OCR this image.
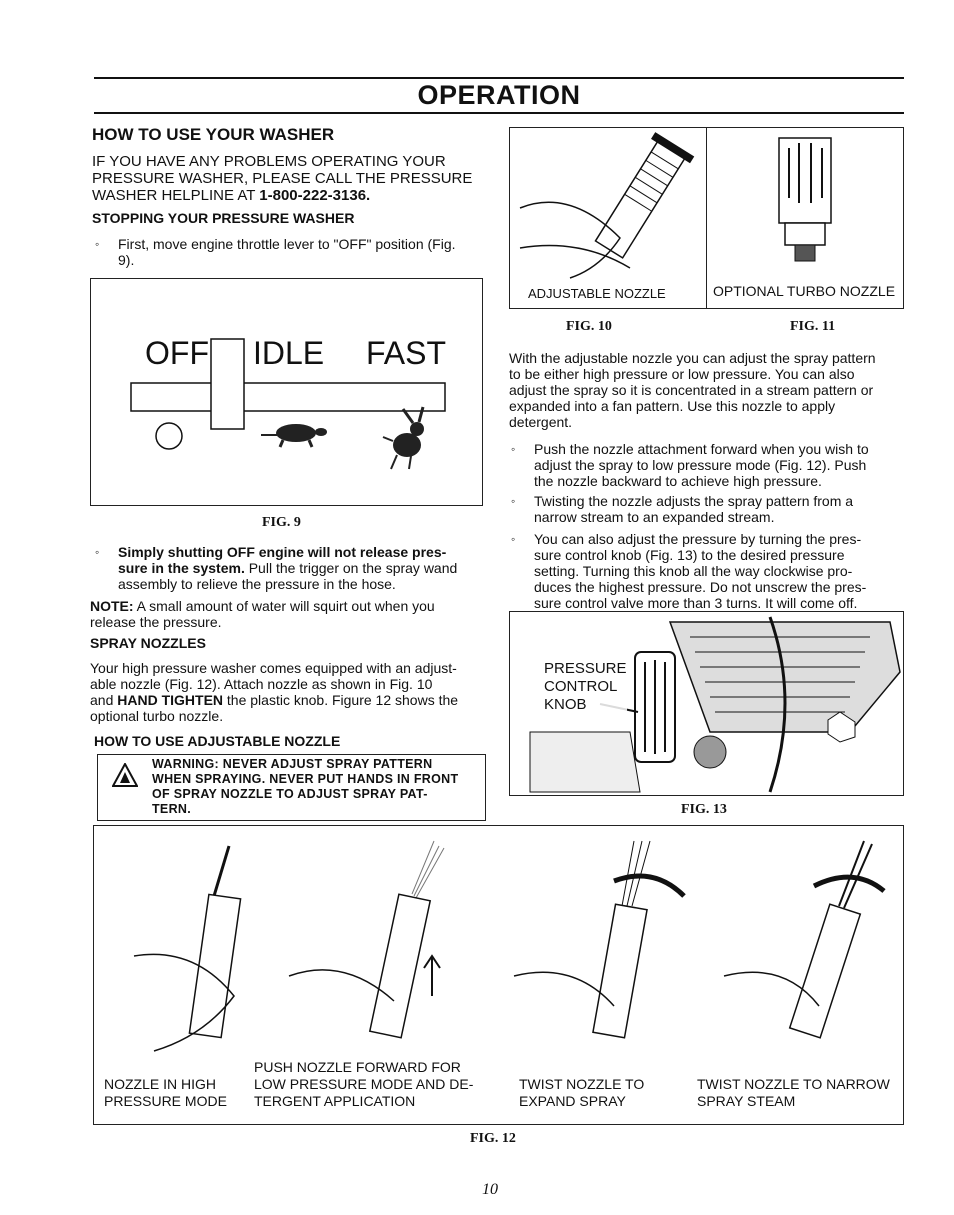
OPERATION
HOW TO USE YOUR WASHER
IF YOU HAVE ANY PROBLEMS OPERATING YOUR
PRESSURE WASHER, PLEASE CALL THE PRESSURE
WASHER HELPLINE AT 1-800-222-3136.
STOPPING YOUR PRESSURE WASHER
◦ First, move engine throttle lever to "OFF" position (Fig.
9).
OFF IDLE FAST
FIG. 9
◦ Simply shutting OFF engine will not release pres-
sure in the system. Pull the trigger on the spray wand
assembly to relieve the pressure in the hose.
NOTE: A small amount of water will squirt out when you
release the pressure.
SPRAY NOZZLES
Your high pressure washer comes equipped with an adjust-
able nozzle (Fig. 12). Attach nozzle as shown in Fig. 10
and HAND TIGHTEN the plastic knob. Figure 12 shows the
optional turbo nozzle.
HOW TO USE ADJUSTABLE NOZZLE
WARNING: NEVER ADJUST SPRAY PATTERN
WHEN SPRAYING. NEVER PUT HANDS IN FRONT
OF SPRAY NOZZLE TO ADJUST SPRAY PAT-
TERN.
ADJUSTABLE NOZZLE	OPTIONAL TURBO NOZZLE
FIG. 10	FIG. 11
With the adjustable nozzle you can adjust the spray pattern
to be either high pressure or low pressure. You can also
adjust the spray so it is concentrated in a stream pattern or
expanded into a fan pattern. Use this nozzle to apply
detergent.
◦ Push the nozzle attachment forward when you wish to
adjust the spray to low pressure mode (Fig. 12). Push
the nozzle backward to achieve high pressure.
◦ Twisting the nozzle adjusts the spray pattern from a
narrow stream to an expanded stream.
◦ You can also adjust the pressure by turning the pres-
sure control knob (Fig. 13) to the desired pressure
setting. Turning this knob all the way clockwise pro-
duces the highest pressure. Do not unscrew the pres-
sure control valve more than 3 turns. It will come off.
PRESSURE
CONTROL
KNOB
FIG. 13
NOZZLE IN HIGH
PRESSURE MODE
PUSH NOZZLE FORWARD FOR
LOW PRESSURE MODE AND DE-
TERGENT APPLICATION
TWIST NOZZLE TO
EXPAND SPRAY
TWIST NOZZLE TO NARROW
SPRAY STEAM
FIG. 12
10
